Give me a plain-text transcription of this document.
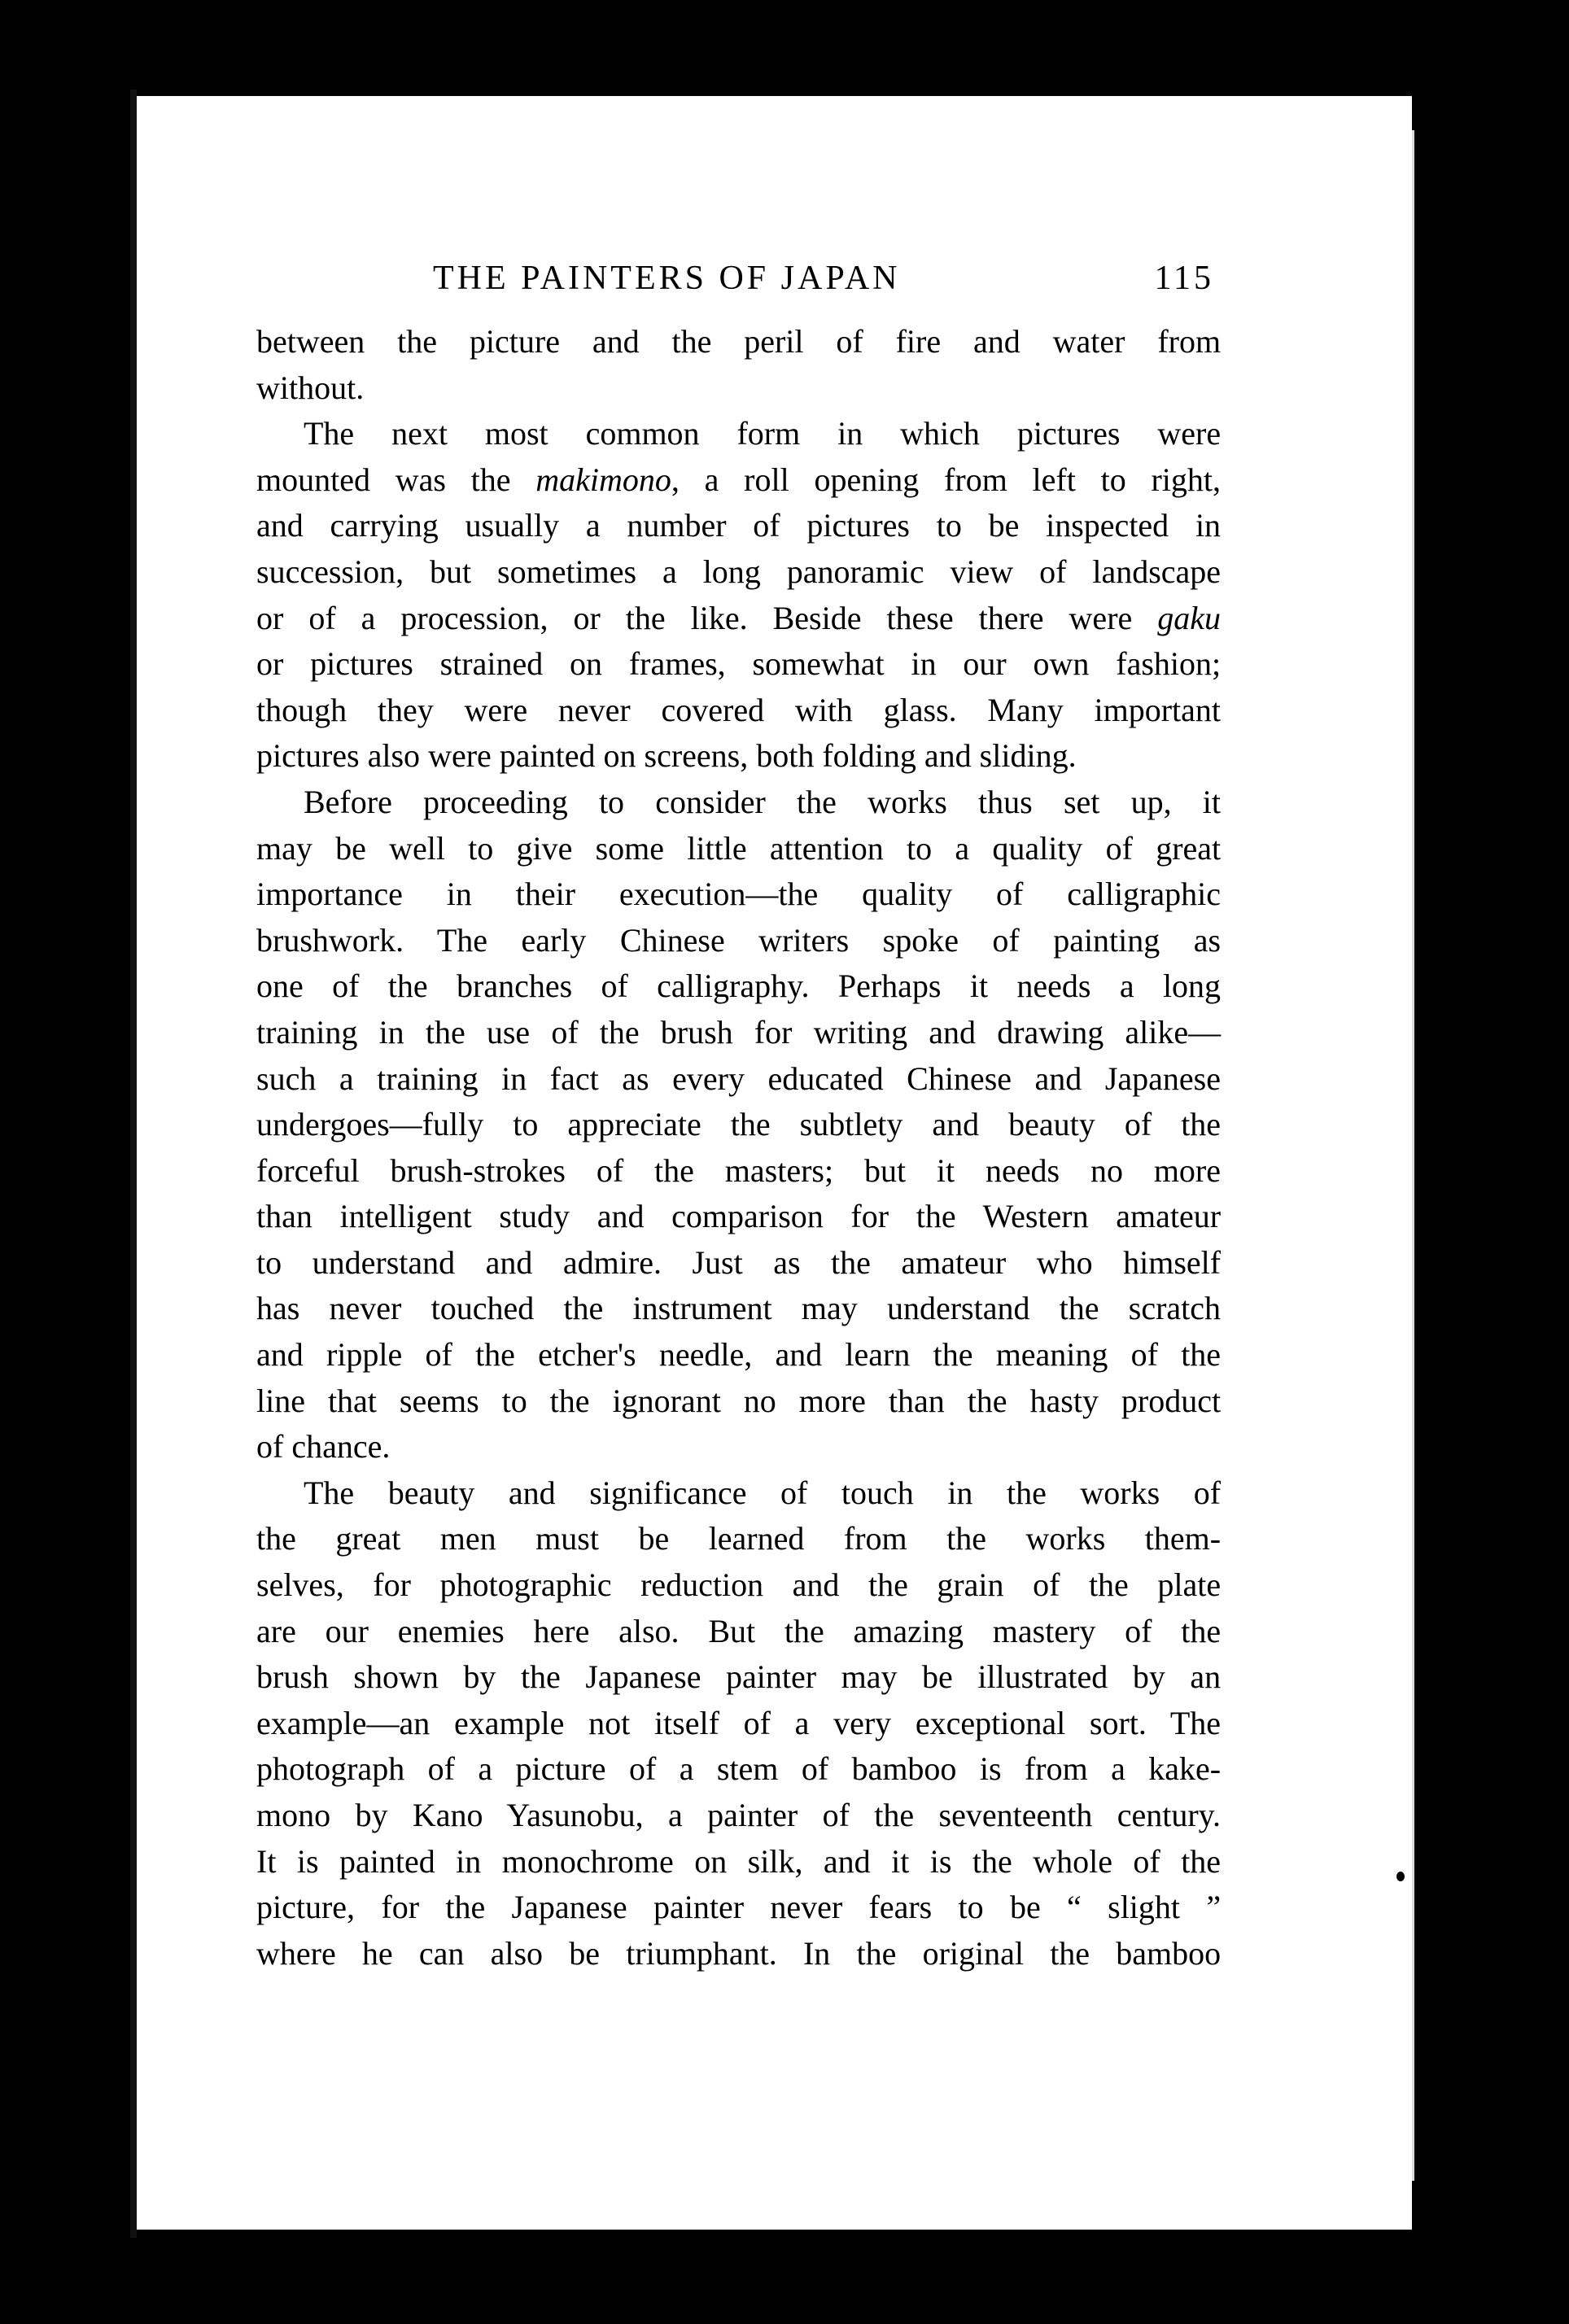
THE PAINTERS OF JAPAN	115
between the picture and the peril of fire and water from
without.
The next most common form in which pictures were
mounted was the makimono, a roll opening from left to right,
and carrying usually a number of pictures to be inspected in
succession, but sometimes a long panoramic view of landscape
or of a procession, or the like. Beside these there were gaku
or pictures strained on frames, somewhat in our own fashion;
though they were never covered with glass. Many important
pictures also were painted on screens, both folding and sliding.
Before proceeding to consider the works thus set up, it
may be well to give some little attention to a quality of great
importance in their execution—the quality of calligraphic
brushwork. The early Chinese writers spoke of painting as
one of the branches of calligraphy. Perhaps it needs a long
training in the use of the brush for writing and drawing alike—
such a training in fact as every educated Chinese and Japanese
undergoes—fully to appreciate the subtlety and beauty of the
forceful brush-strokes of the masters; but it needs no more
than intelligent study and comparison for the Western amateur
to understand and admire. Just as the amateur who himself
has never touched the instrument may understand the scratch
and ripple of the etcher's needle, and learn the meaning of the
line that seems to the ignorant no more than the hasty product
of chance.
The beauty and significance of touch in the works of
the great men must be learned from the works them-
selves, for photographic reduction and the grain of the plate
are our enemies here also. But the amazing mastery of the
brush shown by the Japanese painter may be illustrated by an
example—an example not itself of a very exceptional sort. The
photograph of a picture of a stem of bamboo is from a kake-
mono by Kano Yasunobu, a painter of the seventeenth century.
It is painted in monochrome on silk, and it is the whole of the
picture, for the Japanese painter never fears to be “ slight ”
where he can also be triumphant. In the original the bamboo
